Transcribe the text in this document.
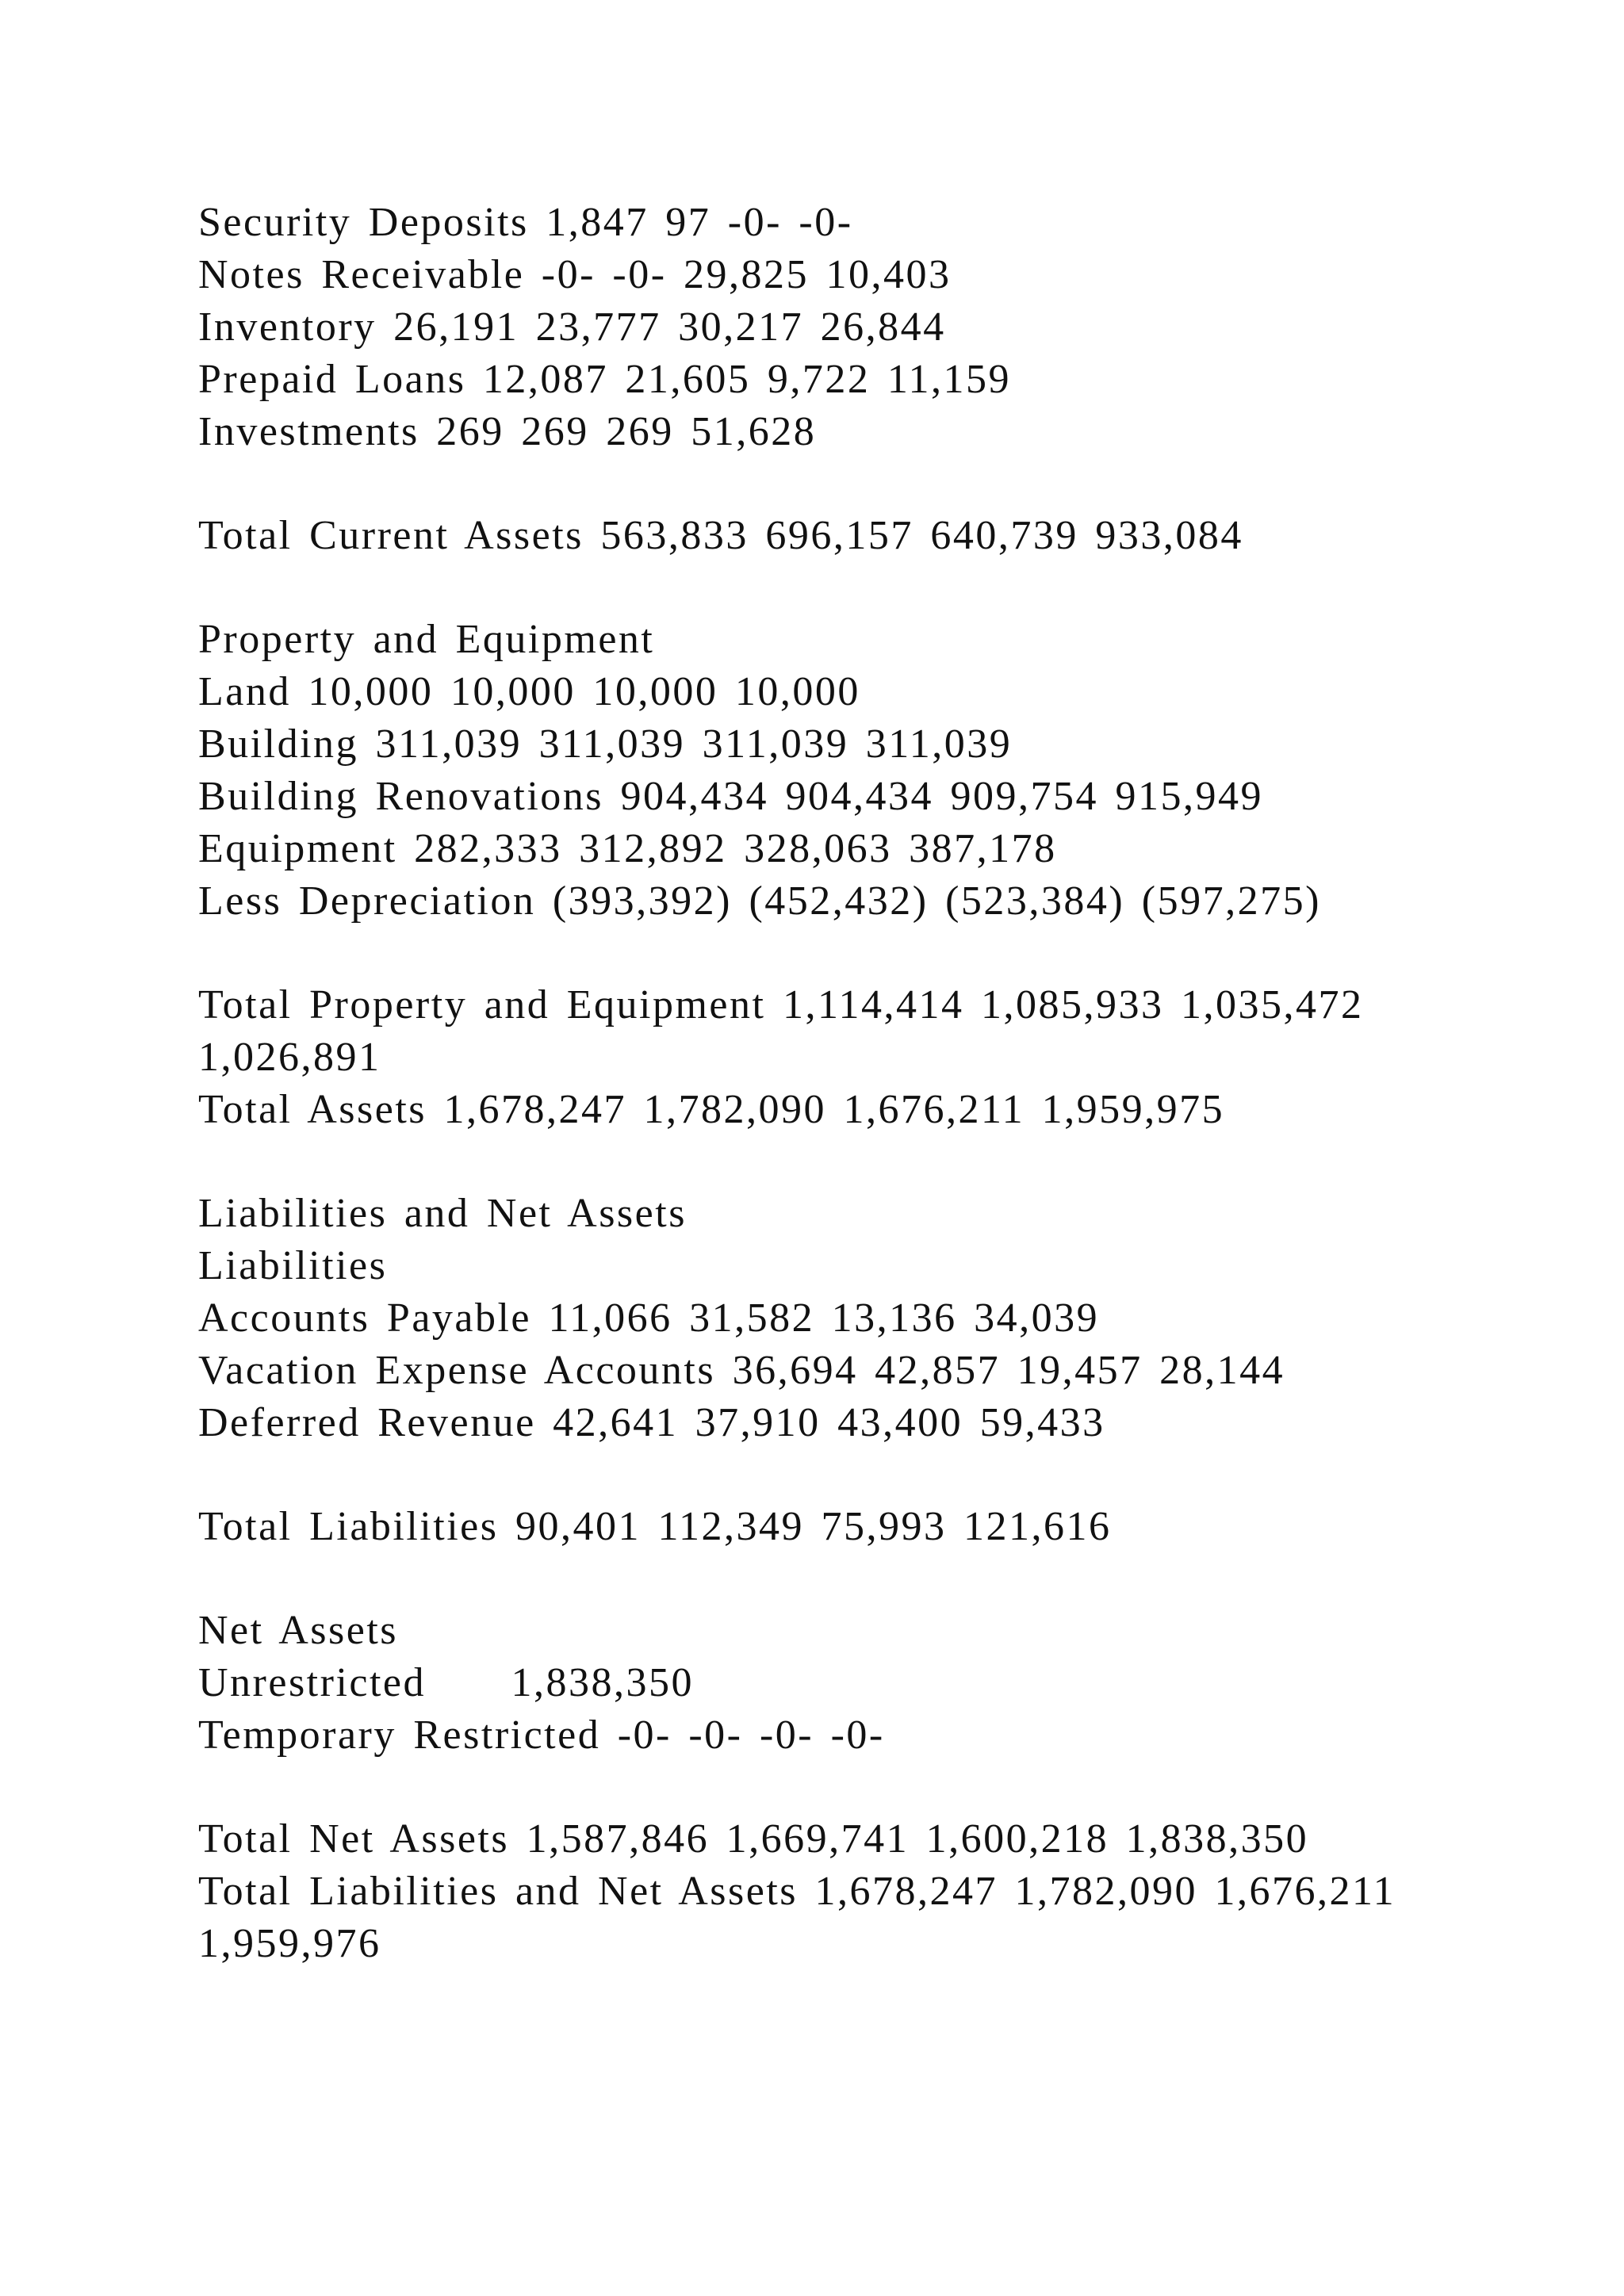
Security Deposits 1,847 97 -0- -0-
Notes Receivable -0- -0- 29,825 10,403
Inventory 26,191 23,777 30,217 26,844
Prepaid Loans 12,087 21,605 9,722 11,159
Investments 269 269 269 51,628
Total Current Assets 563,833 696,157 640,739 933,084
Property and Equipment
Land 10,000 10,000 10,000 10,000
Building 311,039 311,039 311,039 311,039
Building Renovations 904,434 904,434 909,754 915,949
Equipment 282,333 312,892 328,063 387,178
Less Depreciation (393,392) (452,432) (523,384) (597,275)
Total Property and Equipment 1,114,414 1,085,933 1,035,472
1,026,891
Total Assets 1,678,247 1,782,090 1,676,211 1,959,975
Liabilities and Net Assets
Liabilities
Accounts Payable 11,066 31,582 13,136 34,039
Vacation Expense Accounts 36,694 42,857 19,457 28,144
Deferred Revenue 42,641 37,910 43,400 59,433
Total Liabilities 90,401 112,349 75,993 121,616
Net Assets
Unrestricted     1,838,350
Temporary Restricted -0- -0- -0- -0-
Total Net Assets 1,587,846 1,669,741 1,600,218 1,838,350
Total Liabilities and Net Assets 1,678,247 1,782,090 1,676,211
1,959,976
